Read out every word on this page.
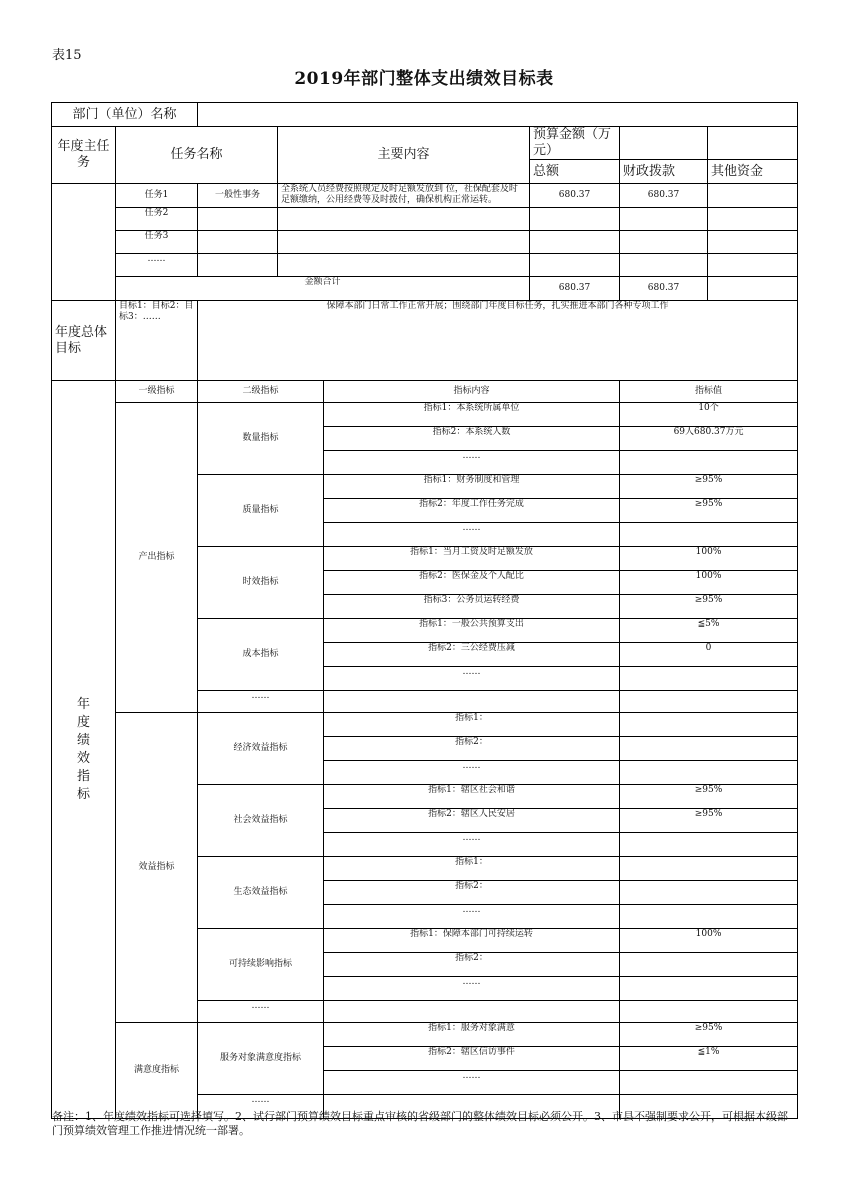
表15
2019年部门整体支出绩效目标表
部门（单位）名称							
年度主任务	任务名称		主要内容		预算金额（万元）		
					总额	财政拨款	其他资金
	任务1	一般性事务	全系统人员经费按照规定及时足额发放到 位，社保配套及时足额缴纳，公用经费等及时拨付，确保机构正常运转。		680.37	680.37	
	任务2						
	任务3						
	……						
	金额合计				680.37	680.37	
年度总体目标	目标1：目标2：目标3：……	保障本部门日常工作正常开展；围绕部门年度目标任务，扎实推进本部门各种专项工作					
年度绩效指标	一级指标	二级指标		指标内容		指标值	
	产出指标	数量指标		指标1：本系统所属单位		10个	
				指标2：本系统人数		69人680.37万元	
				……			
		质量指标		指标1：财务制度和管理		≥95%	
				指标2：年度工作任务完成		≥95%	
				……			
		时效指标		指标1：当月工资及时足额发放		100%	
				指标2：医保金及个人配比		100%	
				指标3：公务员运转经费		≥95%	
		成本指标		指标1：一般公共预算支出		≦5%	
				指标2：三公经费压减		0	
				……			
		……					
	效益指标	经济效益指标		指标1：			
				指标2：			
				……			
		社会效益指标		指标1：辖区社会和谐		≥95%	
				指标2：辖区人民安居		≥95%	
				……			
		生态效益指标		指标1：			
				指标2：			
				……			
		可持续影响指标		指标1：保障本部门可持续运转		100%	
				指标2：			
				……			
		……					
	满意度指标	服务对象满意度指标		指标1：服务对象满意		≥95%	
				指标2：辖区信访事件		≦1%	
				……			
		……					
备注：1、年度绩效指标可选择填写。2、试行部门预算绩效目标重点审核的省级部门的整体绩效目标必须公开。3、市县不强制要求公开，可根据本级部门预算绩效管理工作推进情况统一部署。
